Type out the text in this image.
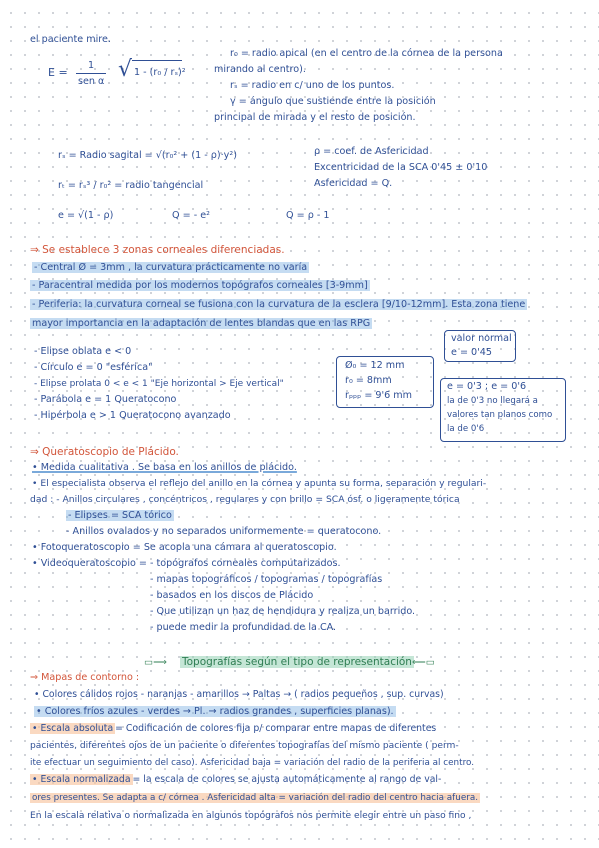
el paciente mire.
E =
1
sen α √ 1 - (r₀ / rₛ)²
r₀ = radio apical (en el centro de la córnea de la persona
mirando al centro).
rₛ = radio en c/ uno de los puntos.
γ = ángulo que sustiende entre la posición
principal de mirada y el resto de posición.
rₛ = Radio sagital = √(r₀² + (1 - ρ)·y²)	ρ = coef. de Asfericidad
Excentricidad de la SCA 0'45 ± 0'10
Asfericidad = Q.
rₜ = rₛ³ / r₀² = radio tangencial
e = √(1 - ρ)	Q = - e²	Q = ρ - 1
⇒ Se establece 3 zonas corneales diferenciadas.
- Central Ø = 3mm , la curvatura prácticamente no varía
- Paracentral medida por los modernos topógrafos corneales [3-9mm]
- Periferia: la curvatura corneal se fusiona con la curvatura de la esclera [9/10-12mm]. Esta zona tiene
mayor importancia en la adaptación de lentes blandas que en las RPG
- Elipse oblata e < 0
- Círculo e = 0 "esférica"
- Elipse prolata 0 < e < 1 "Eje horizontal > Eje vertical"
- Parábola e = 1 Queratocono
- Hipérbola e > 1 Queratocono avanzado
Ø₀ = 12 mm
r₀ = 8mm
rₚₚₚ = 9'6 mm
valor normal
e = 0'45
e = 0'3 ; e = 0'6
la de 0'3 no llegará a
valores tan planos como
la de 0'6
⇒ Queratoscopio de Plácido.
• Medida cualitativa . Se basa en los anillos de plácido.
• El especialista observa el reflejo del anillo en la córnea y apunta su forma, separación y regulari-
dad : - Anillos circulares , concéntricos , regulares y con brillo = SCA ósf. o ligeramente tórica
- Elipses = SCA tórico
- Anillos ovalados y no separados uniformemente = queratocono.
• Fotoqueratoscopio = Se acopla una cámara al queratoscopio.
• Videoqueratoscopio = - topógrafos corneales computarizados.
- mapas topográficos / topogramas / topografías
- basados en los discos de Plácido
- Que utilizan un haz de hendidura y realiza un barrido.
- puede medir la profundidad de la CA.
▭⟹ Topografías según el tipo de representación ⟸▭
⇒ Mapas de contorno :
• Colores cálidos rojos - naranjas - amarillos → Paltas → ( radios pequeños , sup. curvas)
• Colores fríos azules - verdes → Pl. → radios grandes , superficies planas).
• Escala absoluta = Codificación de colores fija p/ comparar entre mapas de diferentes
pacientes, diferentes ojos de un paciente o diferentes topografías del mismo paciente ( perm-
ite efectuar un seguimiento del caso). Asfericidad baja = variación del radio de la periferia al centro.
• Escala normalizada = la escala de colores se ajusta automáticamente al rango de val-
ores presentes. Se adapta a c/ córnea . Asfericidad alta = variación del radio del centro hacia afuera.
En la escala relativa o normalizada en algunos topógrafos nos permite elegir entre un paso fino ,
